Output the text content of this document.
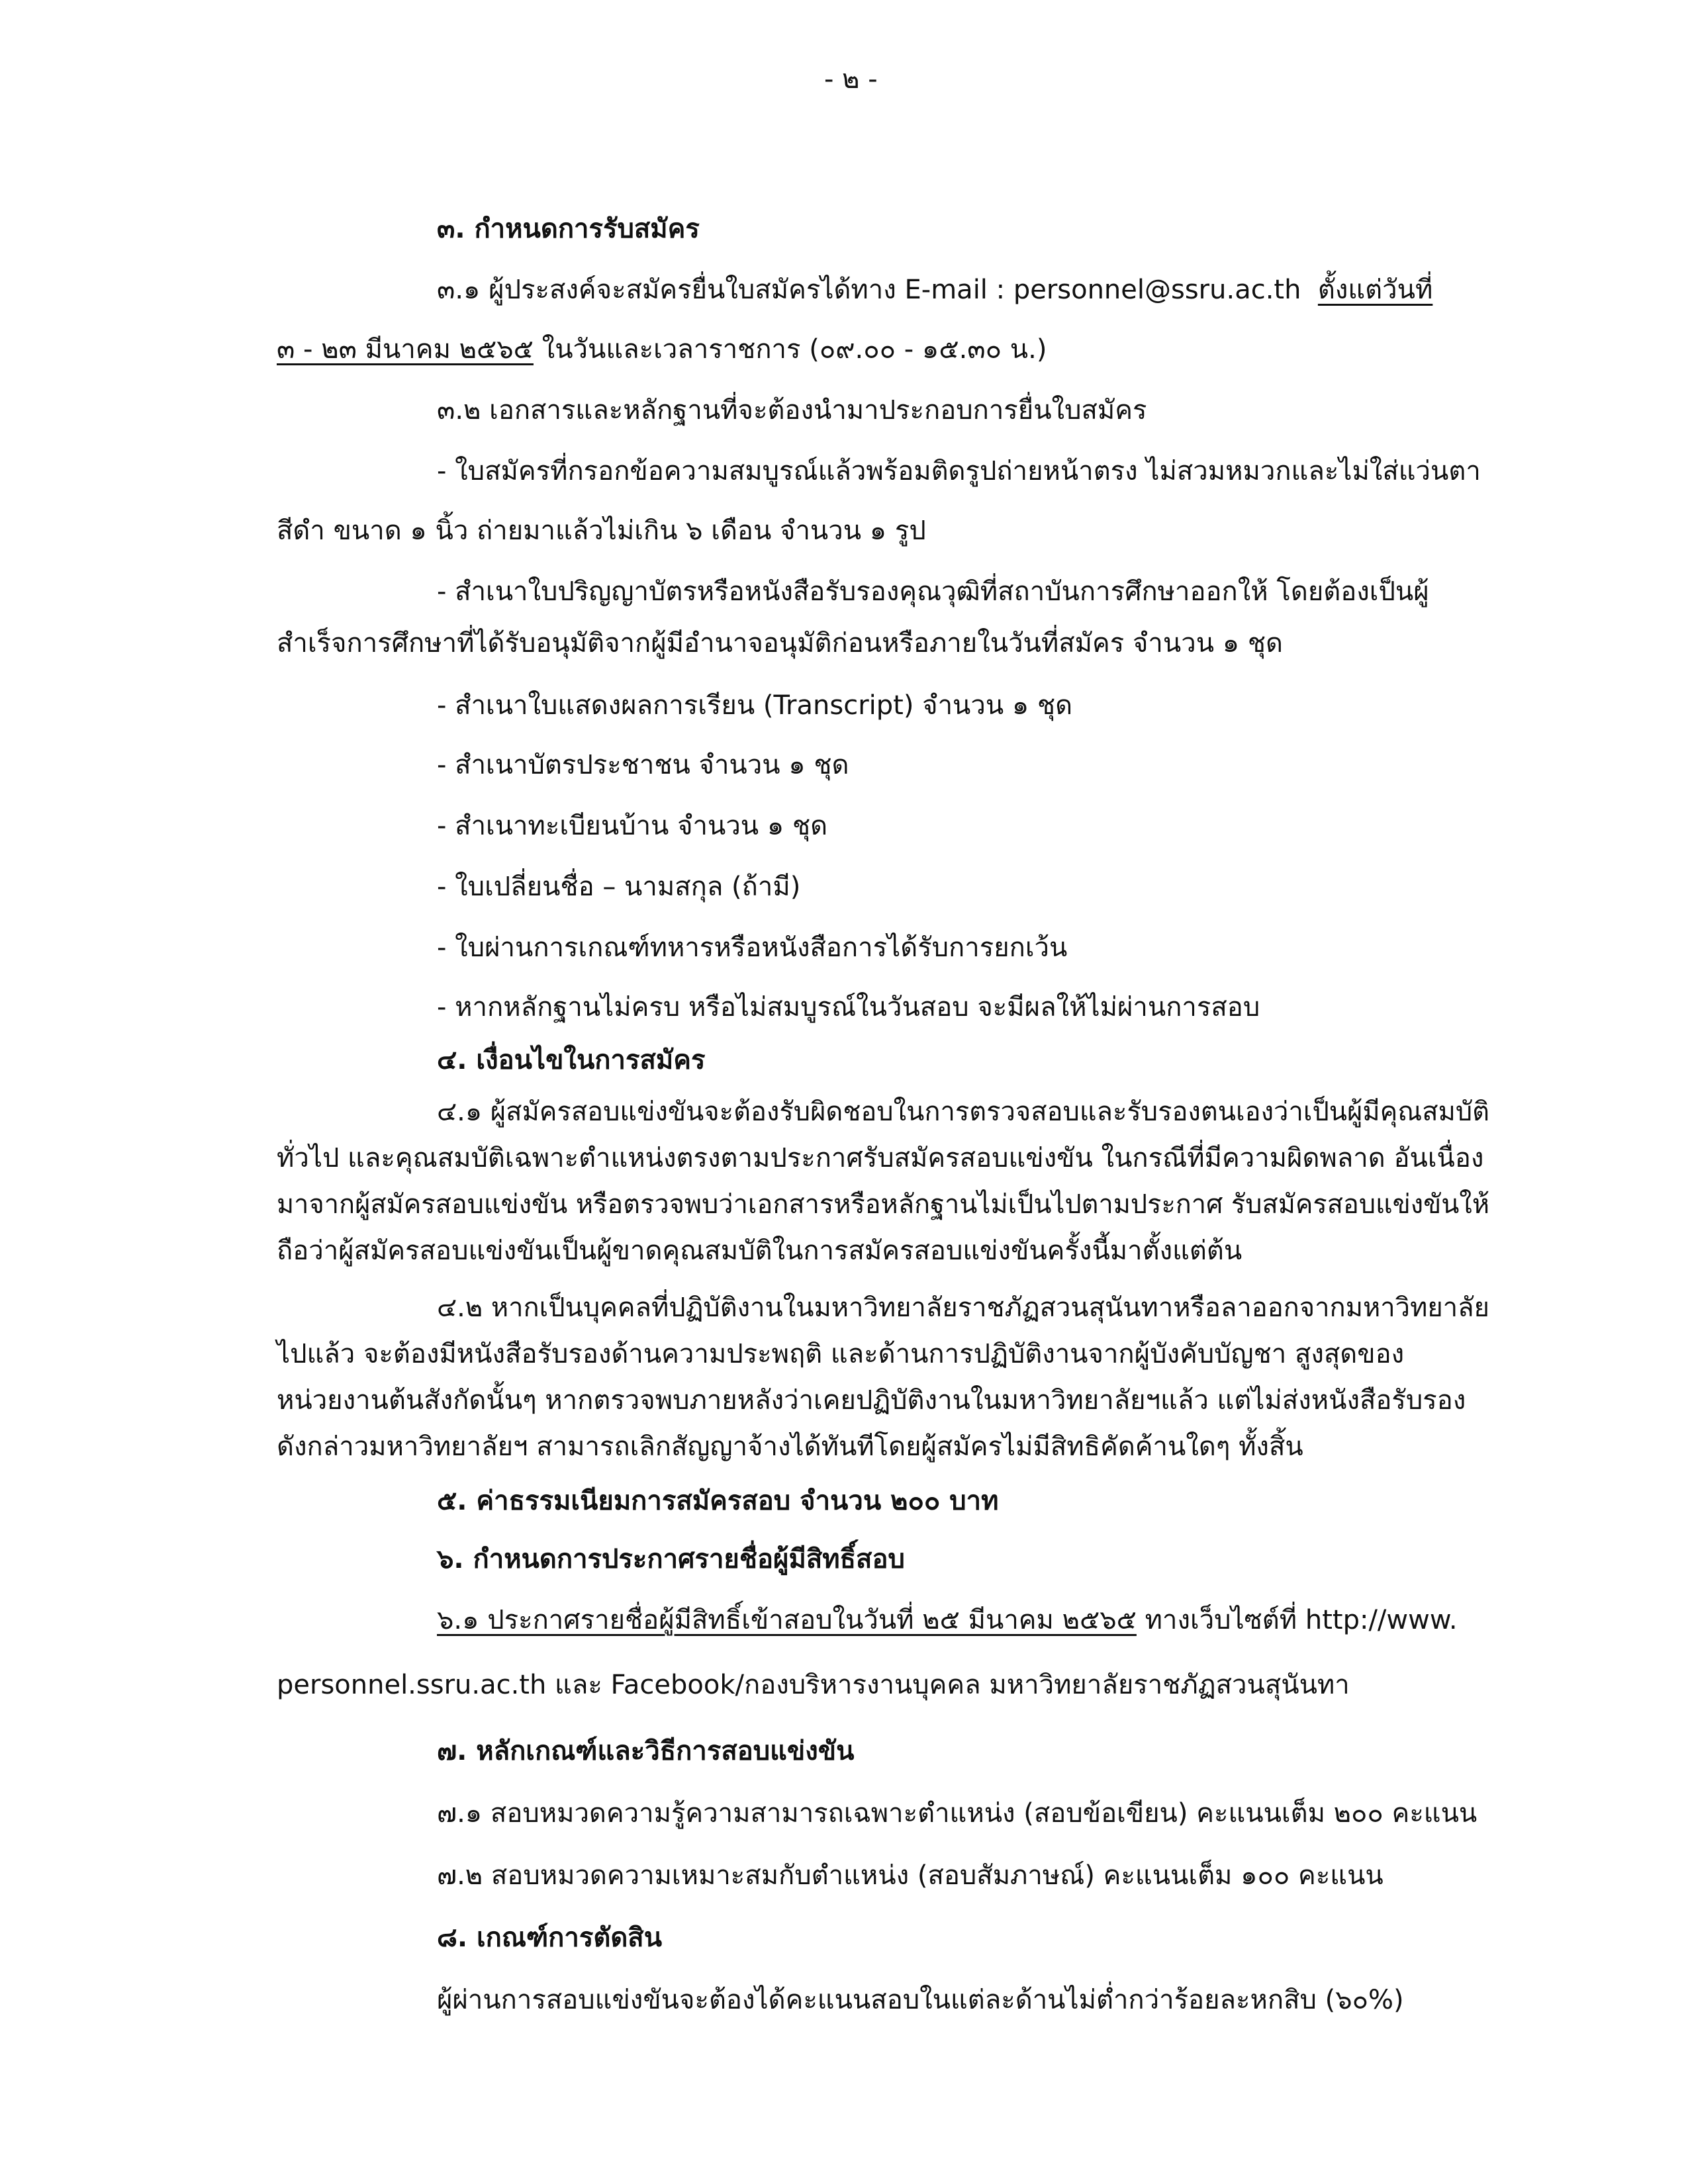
- ๒ -
๓. กำหนดการรับสมัคร
๓.๑ ผู้ประสงค์จะสมัครยื่นใบสมัครได้ทาง E-mail : personnel@ssru.ac.th ตั้งแต่วันที่
๓ - ๒๓ มีนาคม ๒๕๖๕ ในวันและเวลาราชการ (๐๙.๐๐ - ๑๕.๓๐ น.)
๓.๒ เอกสารและหลักฐานที่จะต้องนำมาประกอบการยื่นใบสมัคร
- ใบสมัครที่กรอกข้อความสมบูรณ์แล้วพร้อมติดรูปถ่ายหน้าตรง ไม่สวมหมวกและไม่ใส่แว่นตา
สีดำ ขนาด ๑ นิ้ว ถ่ายมาแล้วไม่เกิน ๖ เดือน จำนวน ๑ รูป
- สำเนาใบปริญญาบัตรหรือหนังสือรับรองคุณวุฒิที่สถาบันการศึกษาออกให้ โดยต้องเป็นผู้
สำเร็จการศึกษาที่ได้รับอนุมัติจากผู้มีอำนาจอนุมัติก่อนหรือภายในวันที่สมัคร จำนวน ๑ ชุด
- สำเนาใบแสดงผลการเรียน (Transcript) จำนวน ๑ ชุด
- สำเนาบัตรประชาชน จำนวน ๑ ชุด
- สำเนาทะเบียนบ้าน จำนวน ๑ ชุด
- ใบเปลี่ยนชื่อ – นามสกุล (ถ้ามี)
- ใบผ่านการเกณฑ์ทหารหรือหนังสือการได้รับการยกเว้น
- หากหลักฐานไม่ครบ หรือไม่สมบูรณ์ในวันสอบ จะมีผลให้ไม่ผ่านการสอบ
๔. เงื่อนไขในการสมัคร
๔.๑ ผู้สมัครสอบแข่งขันจะต้องรับผิดชอบในการตรวจสอบและรับรองตนเองว่าเป็นผู้มีคุณสมบัติ
ทั่วไป และคุณสมบัติเฉพาะตำแหน่งตรงตามประกาศรับสมัครสอบแข่งขัน ในกรณีที่มีความผิดพลาด อันเนื่อง
มาจากผู้สมัครสอบแข่งขัน หรือตรวจพบว่าเอกสารหรือหลักฐานไม่เป็นไปตามประกาศ รับสมัครสอบแข่งขันให้
ถือว่าผู้สมัครสอบแข่งขันเป็นผู้ขาดคุณสมบัติในการสมัครสอบแข่งขันครั้งนี้มาตั้งแต่ต้น
๔.๒ หากเป็นบุคคลที่ปฏิบัติงานในมหาวิทยาลัยราชภัฏสวนสุนันทาหรือลาออกจากมหาวิทยาลัย
ไปแล้ว จะต้องมีหนังสือรับรองด้านความประพฤติ และด้านการปฏิบัติงานจากผู้บังคับบัญชา สูงสุดของ
หน่วยงานต้นสังกัดนั้นๆ หากตรวจพบภายหลังว่าเคยปฏิบัติงานในมหาวิทยาลัยฯแล้ว แต่ไม่ส่งหนังสือรับรอง
ดังกล่าวมหาวิทยาลัยฯ สามารถเลิกสัญญาจ้างได้ทันทีโดยผู้สมัครไม่มีสิทธิคัดค้านใดๆ ทั้งสิ้น
๕. ค่าธรรมเนียมการสมัครสอบ จำนวน ๒๐๐ บาท
๖. กำหนดการประกาศรายชื่อผู้มีสิทธิ์สอบ
๖.๑ ประกาศรายชื่อผู้มีสิทธิ์เข้าสอบในวันที่ ๒๕ มีนาคม ๒๕๖๕ ทางเว็บไซต์ที่ http://www.
personnel.ssru.ac.th และ Facebook/กองบริหารงานบุคคล มหาวิทยาลัยราชภัฏสวนสุนันทา
๗. หลักเกณฑ์และวิธีการสอบแข่งขัน
๗.๑ สอบหมวดความรู้ความสามารถเฉพาะตำแหน่ง (สอบข้อเขียน) คะแนนเต็ม ๒๐๐ คะแนน
๗.๒ สอบหมวดความเหมาะสมกับตำแหน่ง (สอบสัมภาษณ์) คะแนนเต็ม ๑๐๐ คะแนน
๘. เกณฑ์การตัดสิน
ผู้ผ่านการสอบแข่งขันจะต้องได้คะแนนสอบในแต่ละด้านไม่ต่ำกว่าร้อยละหกสิบ (๖๐%)
